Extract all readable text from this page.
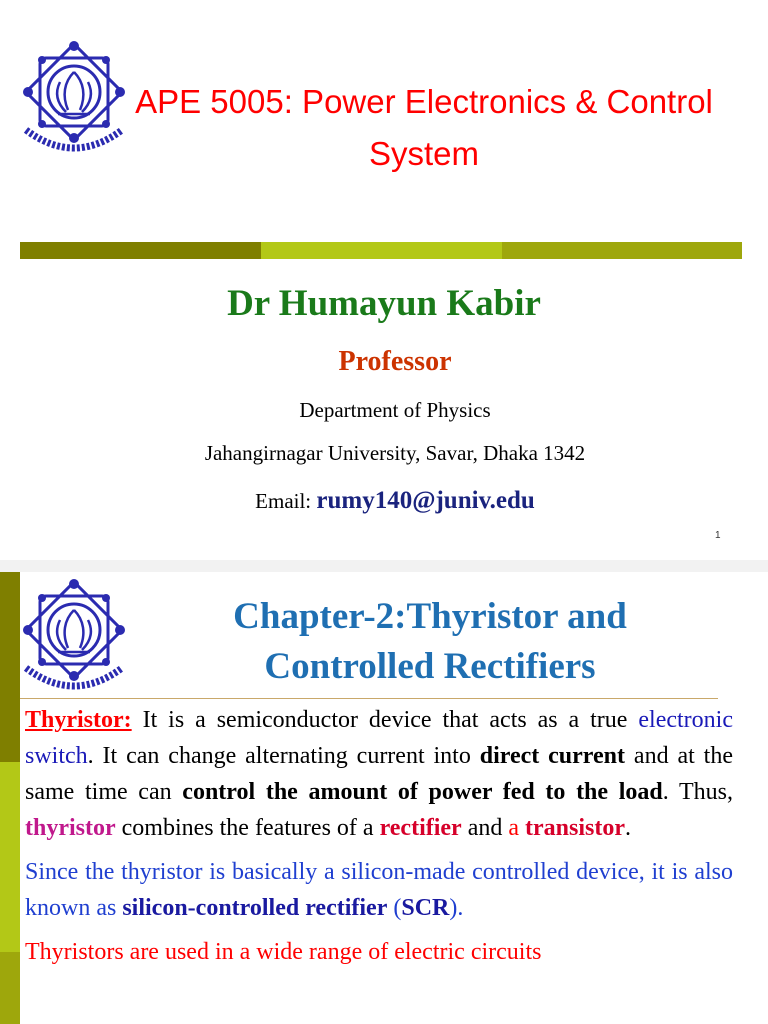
APE 5005: Power Electronics & Control System
Dr Humayun Kabir
Professor
Department of Physics
Jahangirnagar University, Savar, Dhaka 1342
Email: rumy140@juniv.edu
1
Chapter-2:Thyristor and
Controlled Rectifiers

Thyristor: It is a semiconductor device that acts as a true electronic switch. It can change alternating current into direct current and at the same time can control the amount of power fed to the load. Thus, thyristor combines the features of a rectifier and a transistor.

Since the thyristor is basically a silicon-made controlled device, it is also known as silicon-controlled rectifier (SCR).

Thyristors are used in a wide range of electric circuits
